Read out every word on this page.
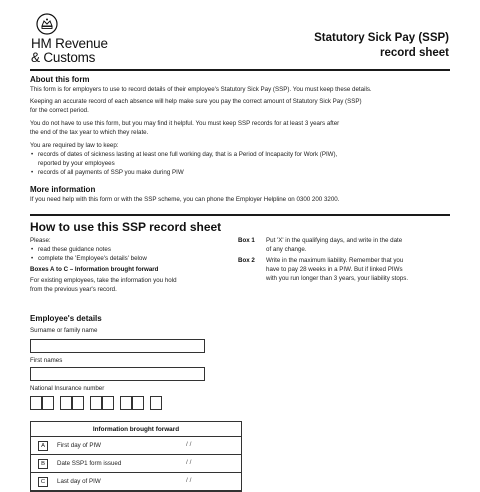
HM Revenue
& Customs
Statutory Sick Pay (SSP)
record sheet
About this form
This form is for employers to use to record details of their employee's Statutory Sick Pay (SSP). You must keep these details.
Keeping an accurate record of each absence will help make sure you pay the correct amount of Statutory Sick Pay (SSP)
for the correct period.
You do not have to use this form, but you may find it helpful. You must keep SSP records for at least 3 years after
the end of the tax year to which they relate.
You are required by law to keep:
• records of dates of sickness lasting at least one full working day, that is a Period of Incapacity for Work (PIW),
reported by your employees
• records of all payments of SSP you make during PIW
More information
If you need help with this form or with the SSP scheme, you can phone the Employer Helpline on 0300 200 3200.
How to use this SSP record sheet
Please:
• read these guidance notes
• complete the 'Employee's details' below
Boxes A to C – Information brought forward
For existing employees, take the information you hold
from the previous year's record.
Box 1 Put 'X' in the qualifying days, and write in the date
of any change.
Box 2 Write in the maximum liability. Remember that you
have to pay 28 weeks in a PIW. But if linked PIWs
with you run longer than 3 years, your liability stops.
Employee's details
Surname or family name
First names
National Insurance number
Information brought forward
A	First day of PIW	/ /
B	Date SSP1 form issued	/ /
C	Last day of PIW	/ /
